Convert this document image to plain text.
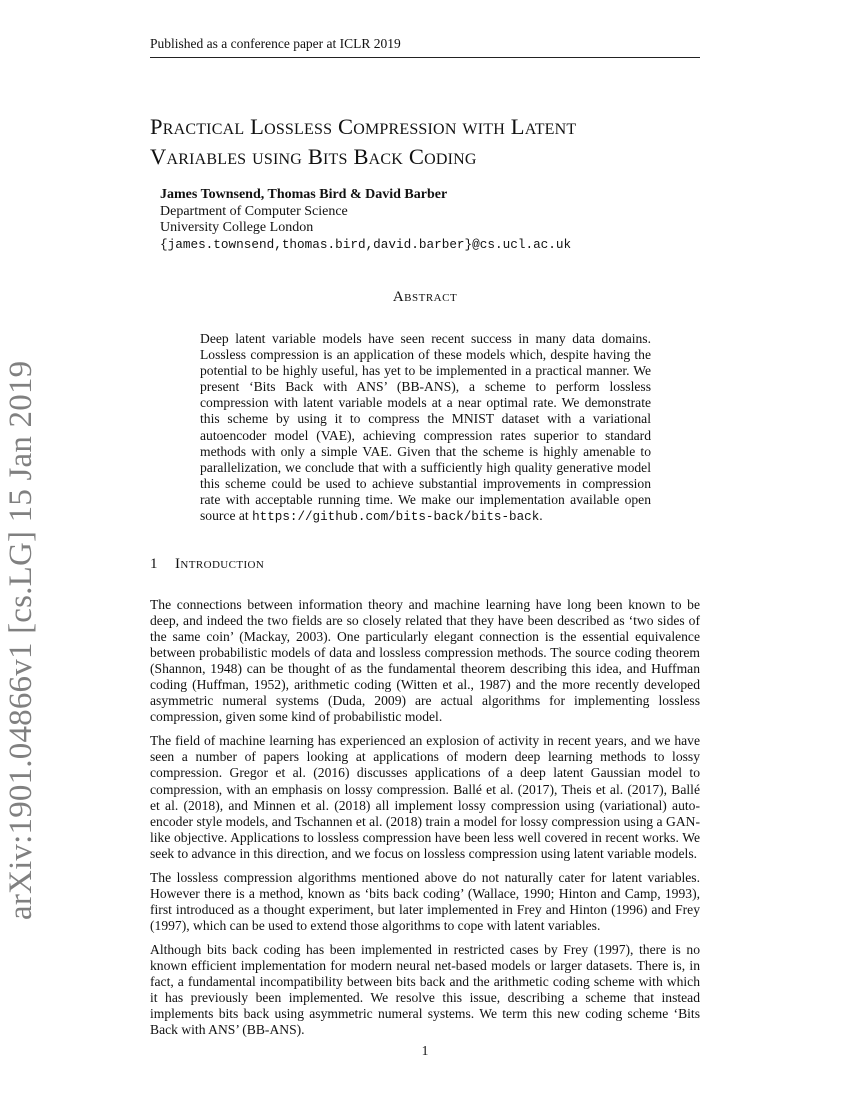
Published as a conference paper at ICLR 2019
Practical Lossless Compression with Latent
Variables using Bits Back Coding
James Townsend, Thomas Bird & David Barber
Department of Computer Science
University College London
{james.townsend,thomas.bird,david.barber}@cs.ucl.ac.uk
Abstract
Deep latent variable models have seen recent success in many data domains. Lossless compression is an application of these models which, despite having the potential to be highly useful, has yet to be implemented in a practical manner. We present ‘Bits Back with ANS’ (BB-ANS), a scheme to perform lossless compression with latent variable models at a near optimal rate. We demonstrate this scheme by using it to compress the MNIST dataset with a variational autoencoder model (VAE), achieving compression rates superior to standard methods with only a simple VAE. Given that the scheme is highly amenable to parallelization, we conclude that with a sufficiently high quality generative model this scheme could be used to achieve substantial improvements in compression rate with acceptable running time. We make our implementation available open source at https://github.com/bits-back/bits-back.
1 Introduction

The connections between information theory and machine learning have long been known to be deep, and indeed the two fields are so closely related that they have been described as ‘two sides of the same coin’ (Mackay, 2003). One particularly elegant connection is the essential equivalence between probabilistic models of data and lossless compression methods. The source coding theorem (Shannon, 1948) can be thought of as the fundamental theorem describing this idea, and Huffman coding (Huffman, 1952), arithmetic coding (Witten et al., 1987) and the more recently developed asymmetric numeral systems (Duda, 2009) are actual algorithms for implementing lossless compression, given some kind of probabilistic model.

The field of machine learning has experienced an explosion of activity in recent years, and we have seen a number of papers looking at applications of modern deep learning methods to lossy compression. Gregor et al. (2016) discusses applications of a deep latent Gaussian model to compression, with an emphasis on lossy compression. Ballé et al. (2017), Theis et al. (2017), Ballé et al. (2018), and Minnen et al. (2018) all implement lossy compression using (variational) auto-encoder style models, and Tschannen et al. (2018) train a model for lossy compression using a GAN-like objective. Applications to lossless compression have been less well covered in recent works. We seek to advance in this direction, and we focus on lossless compression using latent variable models.

The lossless compression algorithms mentioned above do not naturally cater for latent variables. However there is a method, known as ‘bits back coding’ (Wallace, 1990; Hinton and Camp, 1993), first introduced as a thought experiment, but later implemented in Frey and Hinton (1996) and Frey (1997), which can be used to extend those algorithms to cope with latent variables.

Although bits back coding has been implemented in restricted cases by Frey (1997), there is no known efficient implementation for modern neural net-based models or larger datasets. There is, in fact, a fundamental incompatibility between bits back and the arithmetic coding scheme with which it has previously been implemented. We resolve this issue, describing a scheme that instead implements bits back using asymmetric numeral systems. We term this new coding scheme ‘Bits Back with ANS’ (BB-ANS).

1
arXiv:1901.04866v1 [cs.LG] 15 Jan 2019
